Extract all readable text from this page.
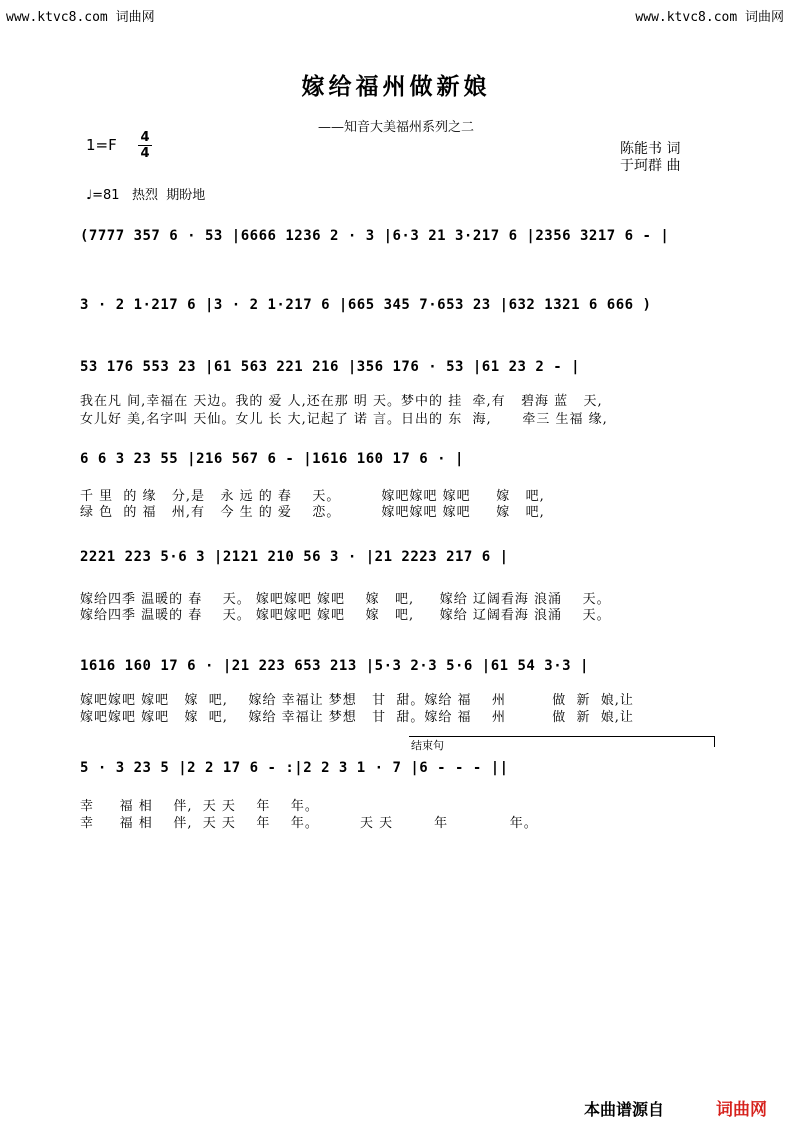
www.ktvc8.com 词曲网	www.ktvc8.com 词曲网
嫁给福州做新娘
——知音大美福州系列之二
1=F 4
4	陈能书 词
于珂群 曲
♩=81   热烈  期盼地
(7777 357 6 · 53 |6666 1236 2 · 3 |6·3 21 3·217 6 |2356 3217 6 - |
3 · 2 1·217 6 |3 · 2 1·217 6 |665 345 7·653 23 |632 1321 6 666 )
53 176 553 23 |61 563 221 216 |356 176 · 53 |61 23 2 - |
我在凡 间,幸福在 天边。我的 爱 人,还在那 明 天。梦中的 挂  牵,有   碧海 蓝   天,
女儿好 美,名字叫 天仙。女儿 长 大,记起了 诺 言。日出的 东  海,      牵三 生福 缘,
6 6 3 23 55 |216 567 6 - |1616 160 17 6 · |
千 里  的 缘   分,是   永 远 的 春    天。        嫁吧嫁吧 嫁吧     嫁   吧,
绿 色  的 福   州,有   今 生 的 爱    恋。        嫁吧嫁吧 嫁吧     嫁   吧,
2221 223 5·6 3 |2121 210 56 3 · |21 2223 217 6 |
嫁给四季 温暖的 春    天。 嫁吧嫁吧 嫁吧    嫁   吧,     嫁给 辽阔看海 浪涌    天。
嫁给四季 温暖的 春    天。 嫁吧嫁吧 嫁吧    嫁   吧,     嫁给 辽阔看海 浪涌    天。
1616 160 17 6 · |21 223 653 213 |5·3 2·3 5·6 |61 54 3·3 |
嫁吧嫁吧 嫁吧   嫁  吧,    嫁给 幸福让 梦想   甘  甜。嫁给 福    州         做  新  娘,让
嫁吧嫁吧 嫁吧   嫁  吧,    嫁给 幸福让 梦想   甘  甜。嫁给 福    州         做  新  娘,让
结束句
5 · 3 23 5 |2 2 17 6 - :|2 2 3 1 · 7 |6 - - - ||
幸     福 相    伴,  天 天    年    年。
幸     福 相    伴,  天 天    年    年。        天 天        年            年。
本曲谱源自	词曲网
